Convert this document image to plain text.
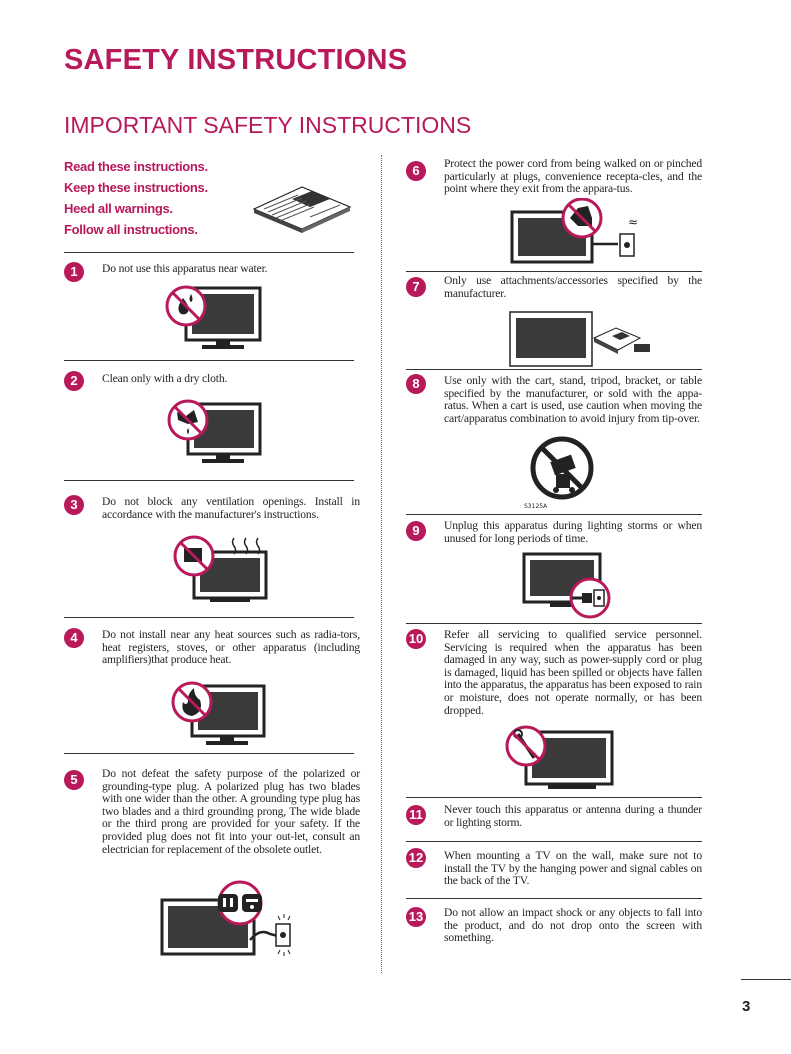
SAFETY INSTRUCTIONS
IMPORTANT SAFETY INSTRUCTIONS
Read these instructions.
Keep these instructions.
Heed all warnings.
Follow all instructions.
1	Do not use this apparatus near water.
2	Clean only with a dry cloth.
3	Do not block any ventilation openings. Install in accordance with the manufacturer's instructions.
4	Do not install near any heat sources such as radia-tors, heat registers, stoves, or other apparatus (including amplifiers)that produce heat.
5	Do not defeat the safety purpose of the polarized or grounding-type plug. A polarized plug has two blades with one wider than the other. A grounding type plug has two blades and a third grounding prong, The wide blade or the third prong are provided for your safety. If the provided plug does not fit into your out-let, consult an electrician for replacement of the obsolete outlet.
6	Protect the power cord from being walked on or pinched particularly at plugs, convenience recepta-cles, and the point where they exit from the appara-tus.
≈
7	Only use attachments/accessories specified by the manufacturer.
8	Use only with the cart, stand, tripod, bracket, or table specified by the manufacturer, or sold with the appa-ratus. When a cart is used, use caution when moving the cart/apparatus combination to avoid injury from tip-over.
S3125A
9	Unplug this apparatus during lighting storms or when unused for long periods of time.
10 Refer all servicing to qualified service personnel. Servicing is required when the apparatus has been damaged in any way, such as power-supply cord or plug is damaged, liquid has been spilled or objects have fallen into the apparatus, the apparatus has been exposed to rain or moisture, does not operate normally, or has been dropped.
11 Never touch this apparatus or antenna during a thunder or lighting storm.
12 When mounting a TV on the wall, make sure not to install the TV by the hanging power and signal cables on the back of the TV.
13 Do not allow an impact shock or any objects to fall into the product, and do not drop onto the screen with something.
3
